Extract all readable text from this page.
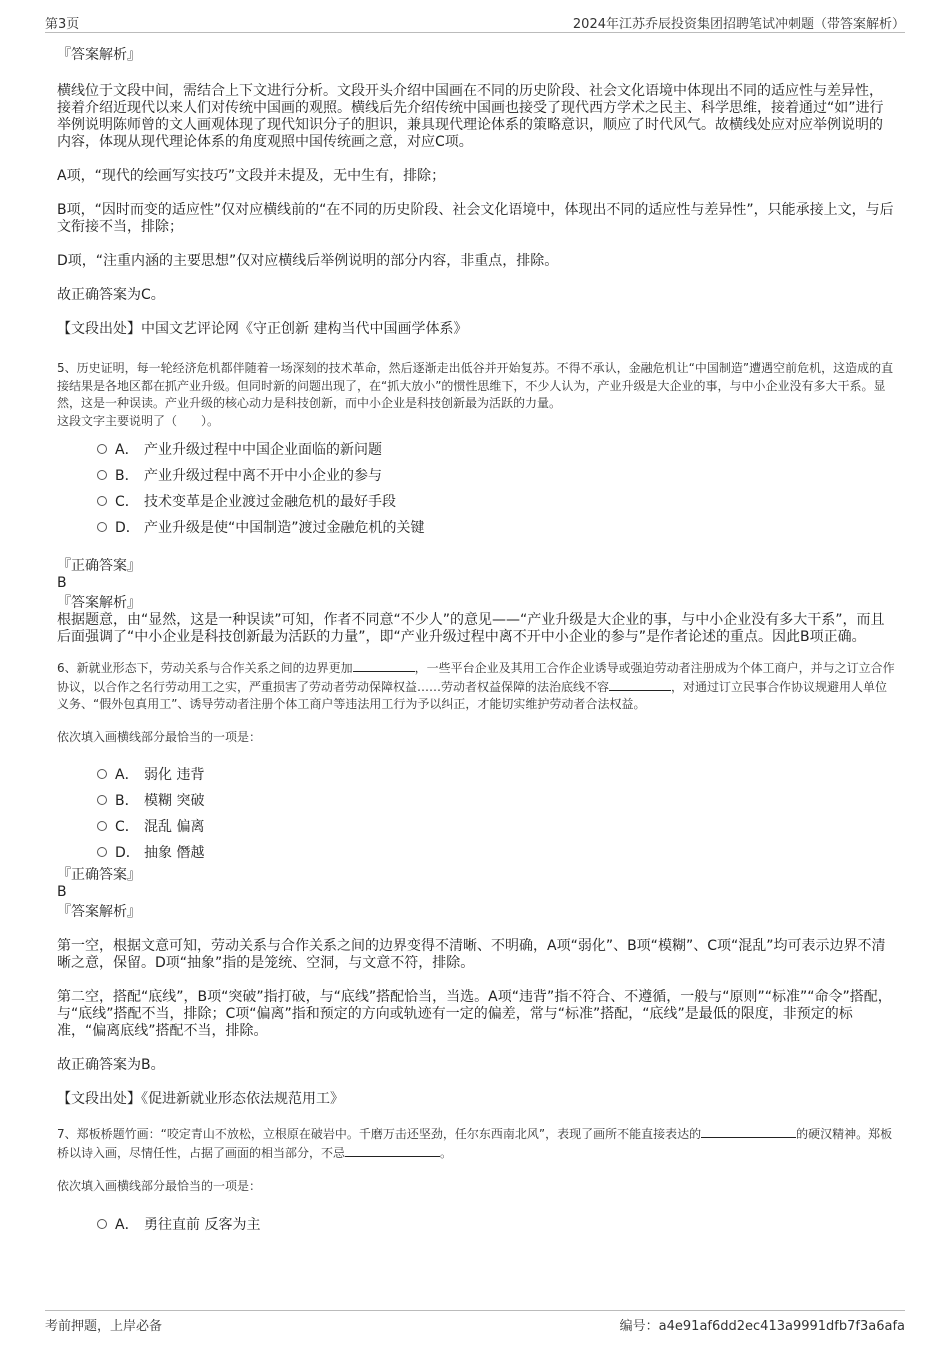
第3页	2024年江苏乔辰投资集团招聘笔试冲刺题（带答案解析）

『答案解析』

横线位于文段中间，需结合上下文进行分析。文段开头介绍中国画在不同的历史阶段、社会文化语境中体现出不同的适应性与差异性，接着介绍近现代以来人们对传统中国画的观照。横线后先介绍传统中国画也接受了现代西方学术之民主、科学思维，接着通过“如”进行举例说明陈师曾的文人画观体现了现代知识分子的胆识，兼具现代理论体系的策略意识，顺应了时代风气。故横线处应对应举例说明的内容，体现从现代理论体系的角度观照中国传统画之意，对应C项。

A项，“现代的绘画写实技巧”文段并未提及，无中生有，排除；

B项，“因时而变的适应性”仅对应横线前的“在不同的历史阶段、社会文化语境中，体现出不同的适应性与差异性”，只能承接上文，与后文衔接不当，排除；

D项，“注重内涵的主要思想”仅对应横线后举例说明的部分内容，非重点，排除。

故正确答案为C。

【文段出处】中国文艺评论网《守正创新 建构当代中国画学体系》

5、历史证明，每一轮经济危机都伴随着一场深刻的技术革命，然后逐渐走出低谷并开始复苏。不得不承认，金融危机让“中国制造”遭遇空前危机，这造成的直接结果是各地区都在抓产业升级。但同时新的问题出现了，在“抓大放小”的惯性思维下，不少人认为，产业升级是大企业的事，与中小企业没有多大干系。显然，这是一种误读。产业升级的核心动力是科技创新，而中小企业是科技创新最为活跃的力量。

这段文字主要说明了（　　）。

A． 产业升级过程中中国企业面临的新问题
B． 产业升级过程中离不开中小企业的参与
C． 技术变革是企业渡过金融危机的最好手段
D． 产业升级是使“中国制造”渡过金融危机的关键

『正确答案』

B

『答案解析』

根据题意，由“显然，这是一种误读”可知，作者不同意“不少人”的意见——“产业升级是大企业的事，与中小企业没有多大干系”，而且后面强调了“中小企业是科技创新最为活跃的力量”，即“产业升级过程中离不开中小企业的参与”是作者论述的重点。因此B项正确。

6、新就业形态下，劳动关系与合作关系之间的边界更加	，一些平台企业及其用工合作企业诱导或强迫劳动者注册成为个体工商户，并与之订立合作协议，以合作之名行劳动用工之实，严重损害了劳动者劳动保障权益……劳动者权益保障的法治底线不容	，对通过订立民事合作协议规避用人单位义务、“假外包真用工”、诱导劳动者注册个体工商户等违法用工行为予以纠正，才能切实维护劳动者合法权益。

依次填入画横线部分最恰当的一项是：

A． 弱化 违背
B． 模糊 突破
C． 混乱 偏离
D． 抽象 僭越

『正确答案』

B

『答案解析』

第一空，根据文意可知，劳动关系与合作关系之间的边界变得不清晰、不明确，A项“弱化”、B项“模糊”、C项“混乱”均可表示边界不清晰之意，保留。D项“抽象”指的是笼统、空洞，与文意不符，排除。

第二空，搭配“底线”，B项“突破”指打破，与“底线”搭配恰当，当选。A项“违背”指不符合、不遵循，一般与“原则”“标准”“命令”搭配，与“底线”搭配不当，排除；C项“偏离”指和预定的方向或轨迹有一定的偏差，常与“标准”搭配，“底线”是最低的限度，非预定的标准，“偏离底线”搭配不当，排除。

故正确答案为B。

【文段出处】《促进新就业形态依法规范用工》

7、郑板桥题竹画：“咬定青山不放松，立根原在破岩中。千磨万击还坚劲，任尔东西南北风”，表现了画所不能直接表达的	的硬汉精神。郑板桥以诗入画，尽情任性，占据了画面的相当部分，不忌	。

依次填入画横线部分最恰当的一项是：

A． 勇往直前 反客为主
考前押题，上岸必备	编号：a4e91af6dd2ec413a9991dfb7f3a6afa
